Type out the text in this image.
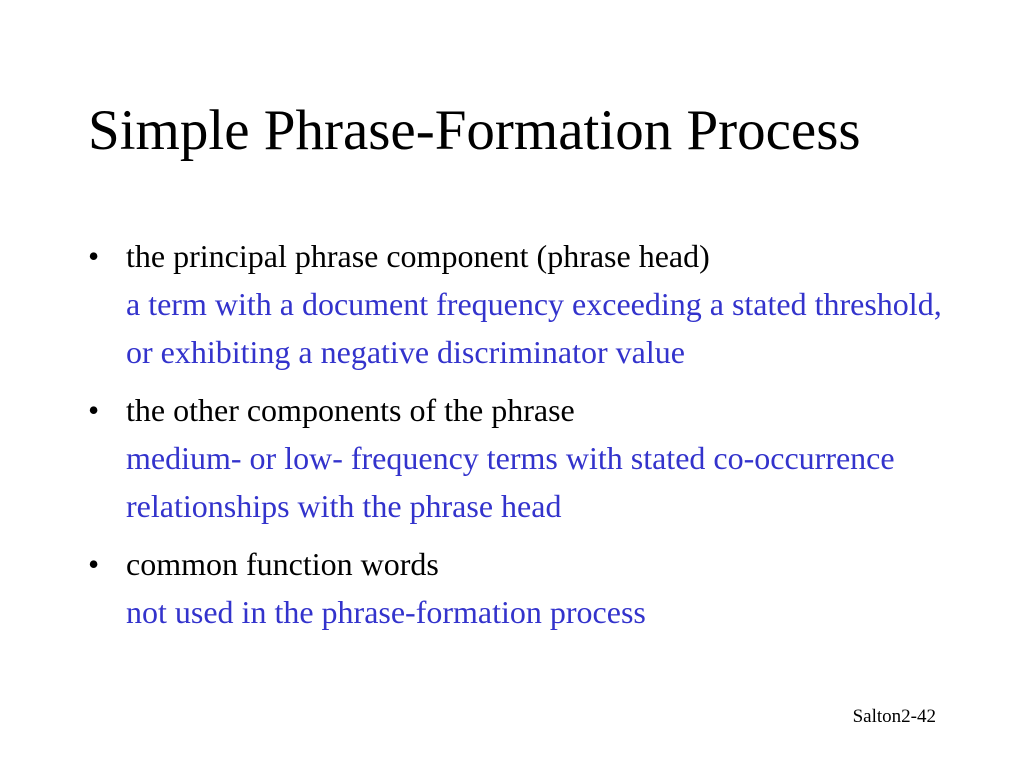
Simple Phrase-Formation Process
• the principal phrase component (phrase head)
a term with a document frequency exceeding a stated threshold, or exhibiting a negative discriminator value
• the other components of the phrase
medium- or low- frequency terms with stated co-occurrence relationships with the phrase head
• common function words
not used in the phrase-formation process
Salton2-42
